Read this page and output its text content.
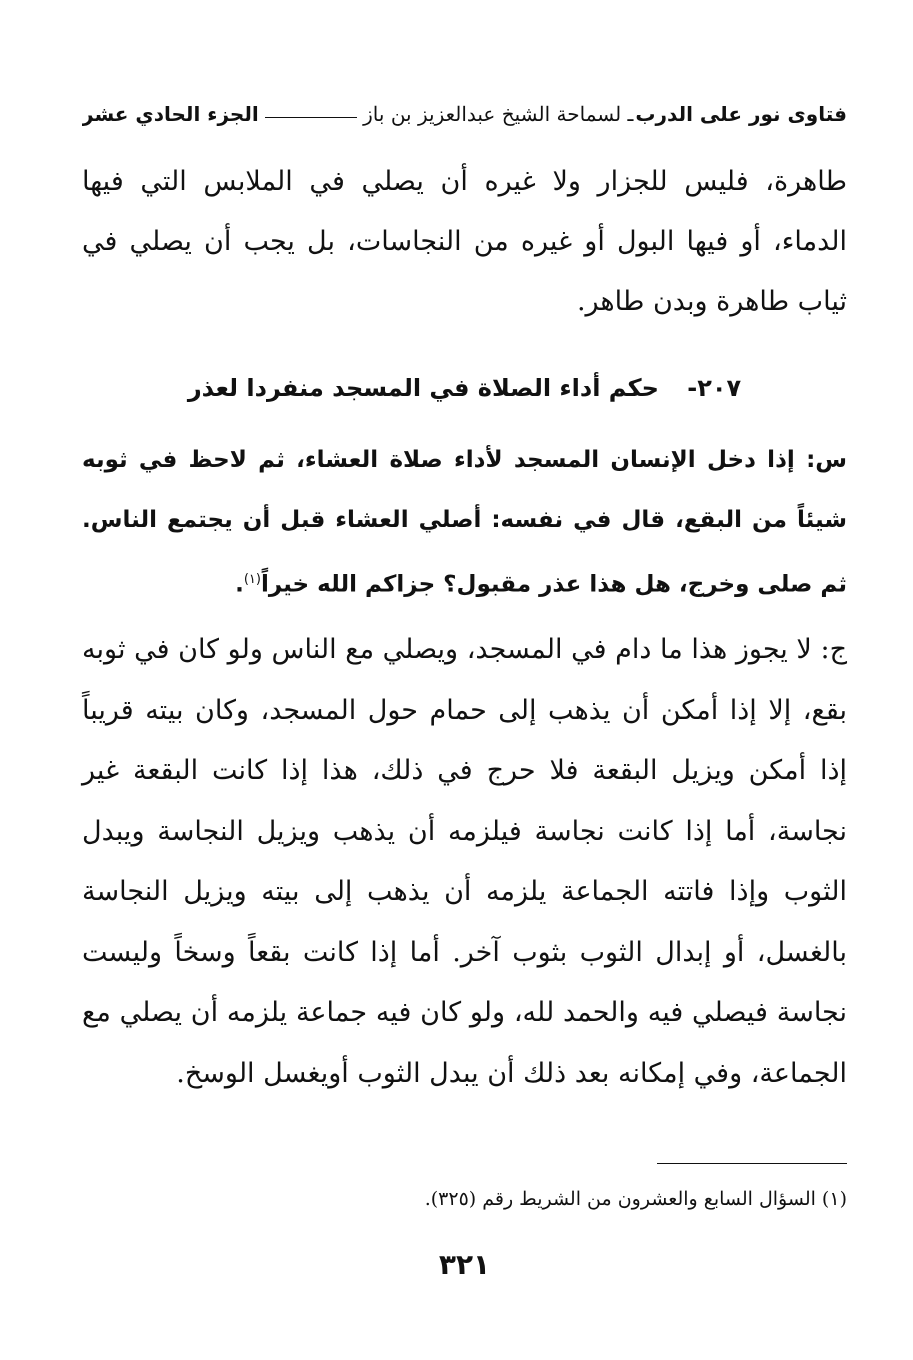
فتاوى نور على الدرب
ـ لسماحة الشيخ عبدالعزيز بن باز
الجزء الحادي عشر

طاهرة، فليس للجزار ولا غيره أن يصلي في الملابس التي فيها الدماء، أو فيها البول أو غيره من النجاسات، بل يجب أن يصلي في ثياب طاهرة وبدن طاهر.

٢٠٧- حكم أداء الصلاة في المسجد منفردا لعذر

س: إذا دخل الإنسان المسجد لأداء صلاة العشاء، ثم لاحظ في ثوبه شيئاً من البقع، قال في نفسه: أصلي العشاء قبل أن يجتمع الناس. ثم صلى وخرج، هل هذا عذر مقبول؟ جزاكم الله خيراً$^{(١)}$.

ج: لا يجوز هذا ما دام في المسجد، ويصلي مع الناس ولو كان في ثوبه بقع، إلا إذا أمكن أن يذهب إلى حمام حول المسجد، وكان بيته قريباً إذا أمكن ويزيل البقعة فلا حرج في ذلك، هذا إذا كانت البقعة غير نجاسة، أما إذا كانت نجاسة فيلزمه أن يذهب ويزيل النجاسة ويبدل الثوب وإذا فاتته الجماعة يلزمه أن يذهب إلى بيته ويزيل النجاسة بالغسل، أو إبدال الثوب بثوب آخر. أما إذا كانت بقعاً وسخاً وليست نجاسة فيصلي فيه والحمد لله، ولو كان فيه جماعة يلزمه أن يصلي مع الجماعة، وفي إمكانه بعد ذلك أن يبدل الثوب أويغسل الوسخ.

(١) السؤال السابع والعشرون من الشريط رقم (٣٢٥).

٣٢١
